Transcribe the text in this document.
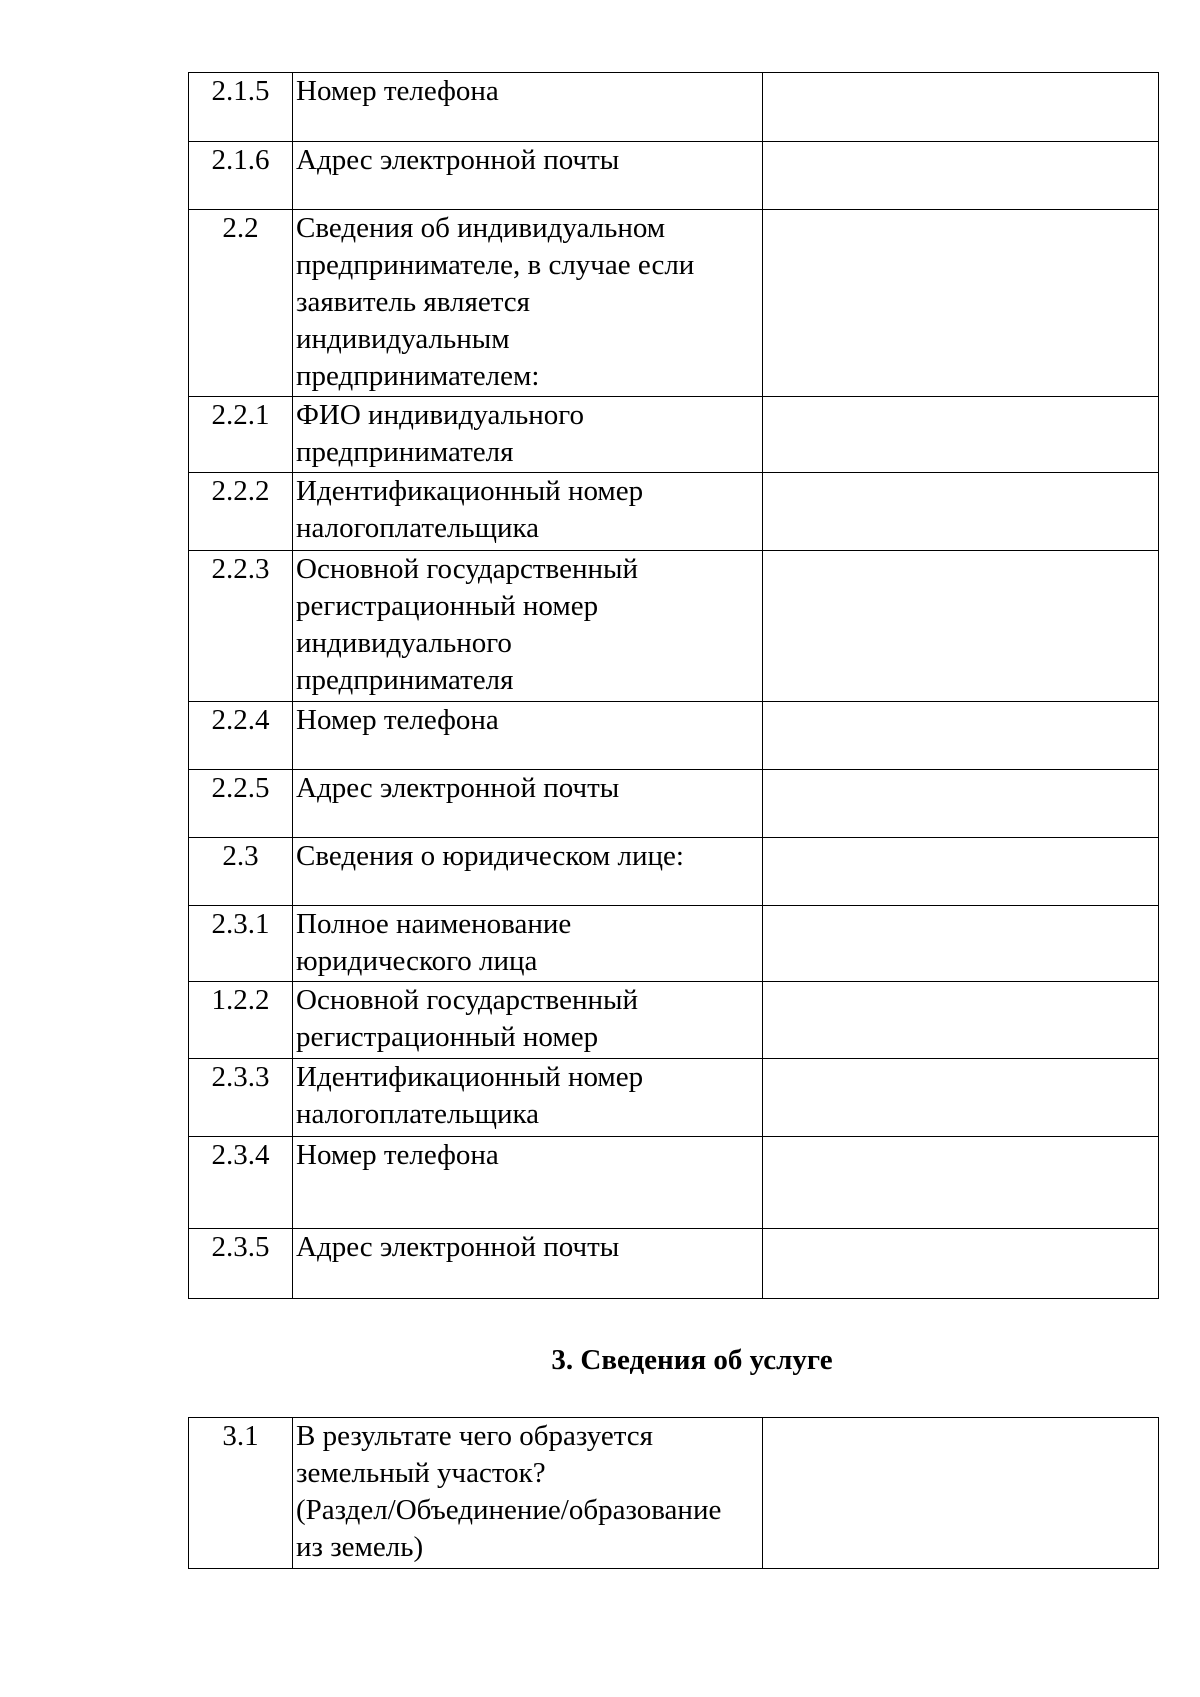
2.1.5	Номер телефона	
2.1.6	Адрес электронной почты	
2.2	Сведения об индивидуальном
предпринимателе, в случае если
заявитель является
индивидуальным
предпринимателем:	
2.2.1	ФИО индивидуального
предпринимателя	
2.2.2	Идентификационный номер
налогоплательщика	
2.2.3	Основной государственный
регистрационный номер
индивидуального
предпринимателя	
2.2.4	Номер телефона	
2.2.5	Адрес электронной почты	
2.3	Сведения о юридическом лице:	
2.3.1	Полное наименование
юридического лица	
1.2.2	Основной государственный
регистрационный номер	
2.3.3	Идентификационный номер
налогоплательщика	
2.3.4	Номер телефона	
2.3.5	Адрес электронной почты	
3. Сведения об услуге
3.1	В результате чего образуется
земельный участок?
(Раздел/Объединение/образование
из земель)	
